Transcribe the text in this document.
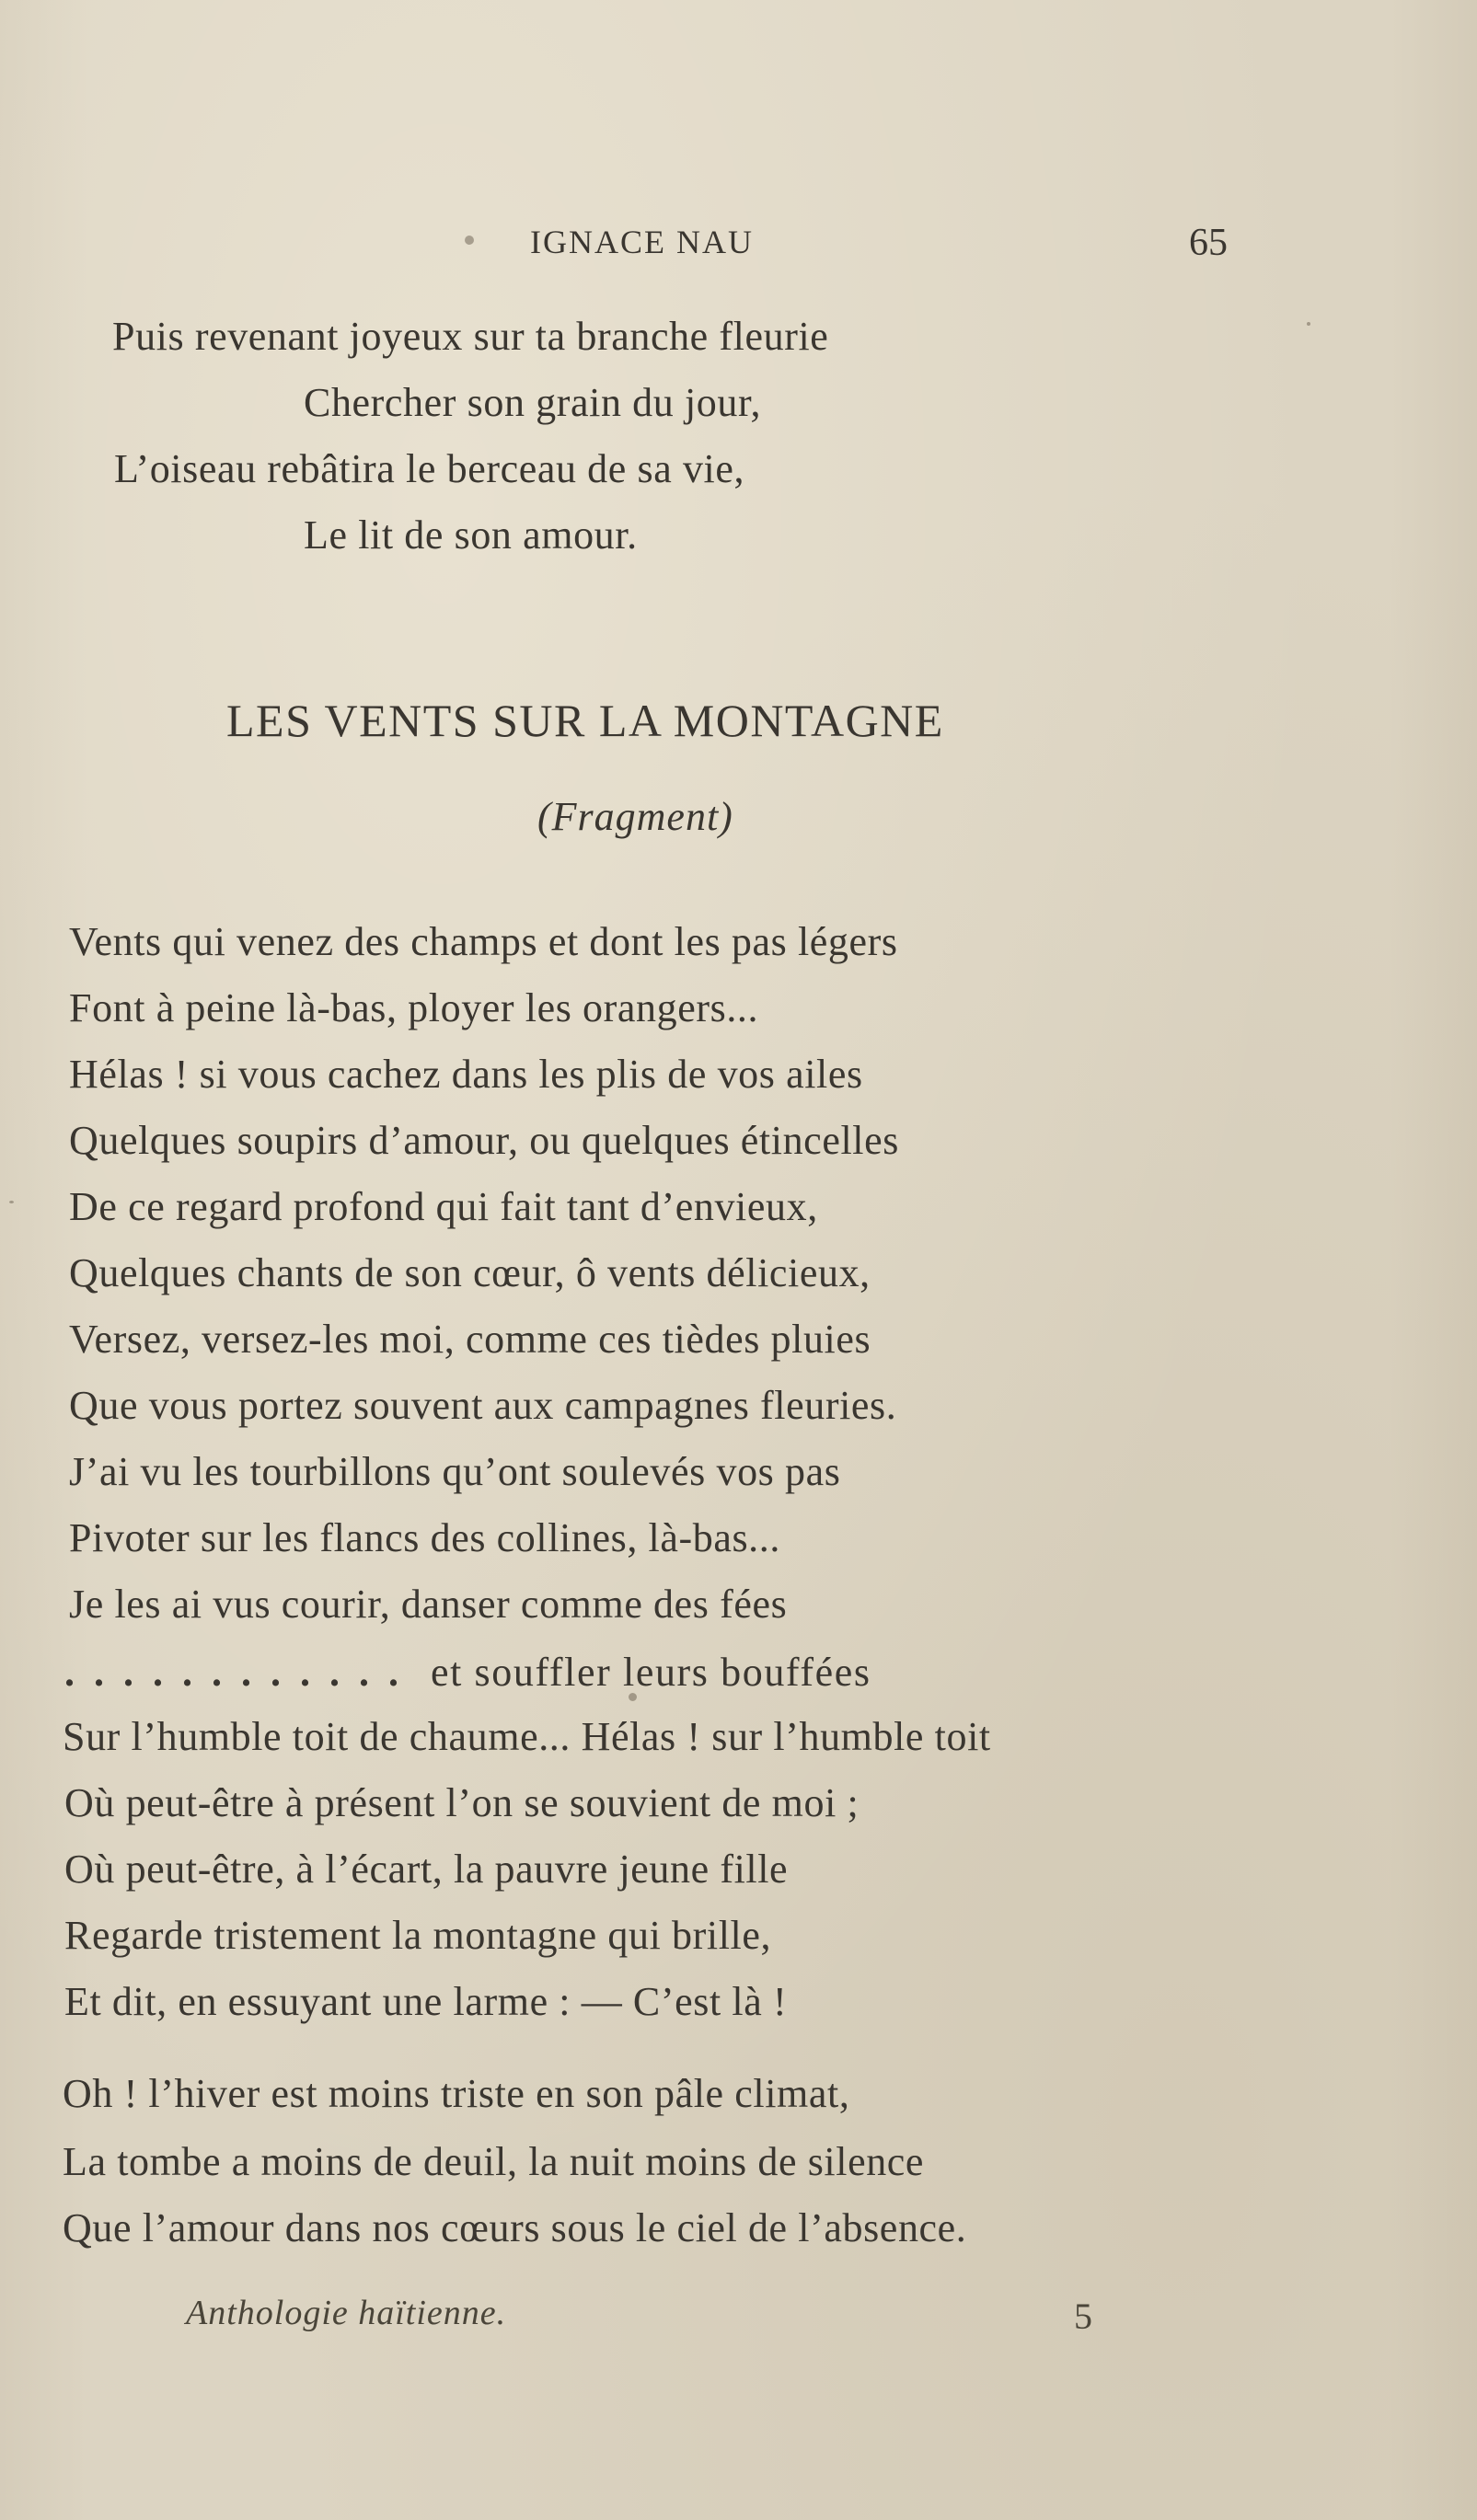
IGNACE NAU	65
Puis revenant joyeux sur ta branche fleurie
Chercher son grain du jour,
L’oiseau rebâtira le berceau de sa vie,
Le lit de son amour.
LES VENTS SUR LA MONTAGNE
(Fragment)
Vents qui venez des champs et dont les pas légers
Font à peine là-bas, ployer les orangers...
Hélas ! si vous cachez dans les plis de vos ailes
Quelques soupirs d’amour, ou quelques étincelles
De ce regard profond qui fait tant d’envieux,
Quelques chants de son cœur, ô vents délicieux,
Versez, versez-les moi, comme ces tièdes pluies
Que vous portez souvent aux campagnes fleuries.
J’ai vu les tourbillons qu’ont soulevés vos pas
Pivoter sur les flancs des collines, là-bas...
Je les ai vus courir, danser comme des fées
............ et souffler leurs bouffées
Sur l’humble toit de chaume... Hélas ! sur l’humble toit
Où peut-être à présent l’on se souvient de moi ;
Où peut-être, à l’écart, la pauvre jeune fille
Regarde tristement la montagne qui brille,
Et dit, en essuyant une larme : — C’est là !
Oh ! l’hiver est moins triste en son pâle climat,
La tombe a moins de deuil, la nuit moins de silence
Que l’amour dans nos cœurs sous le ciel de l’absence.
Anthologie haïtienne.	5
